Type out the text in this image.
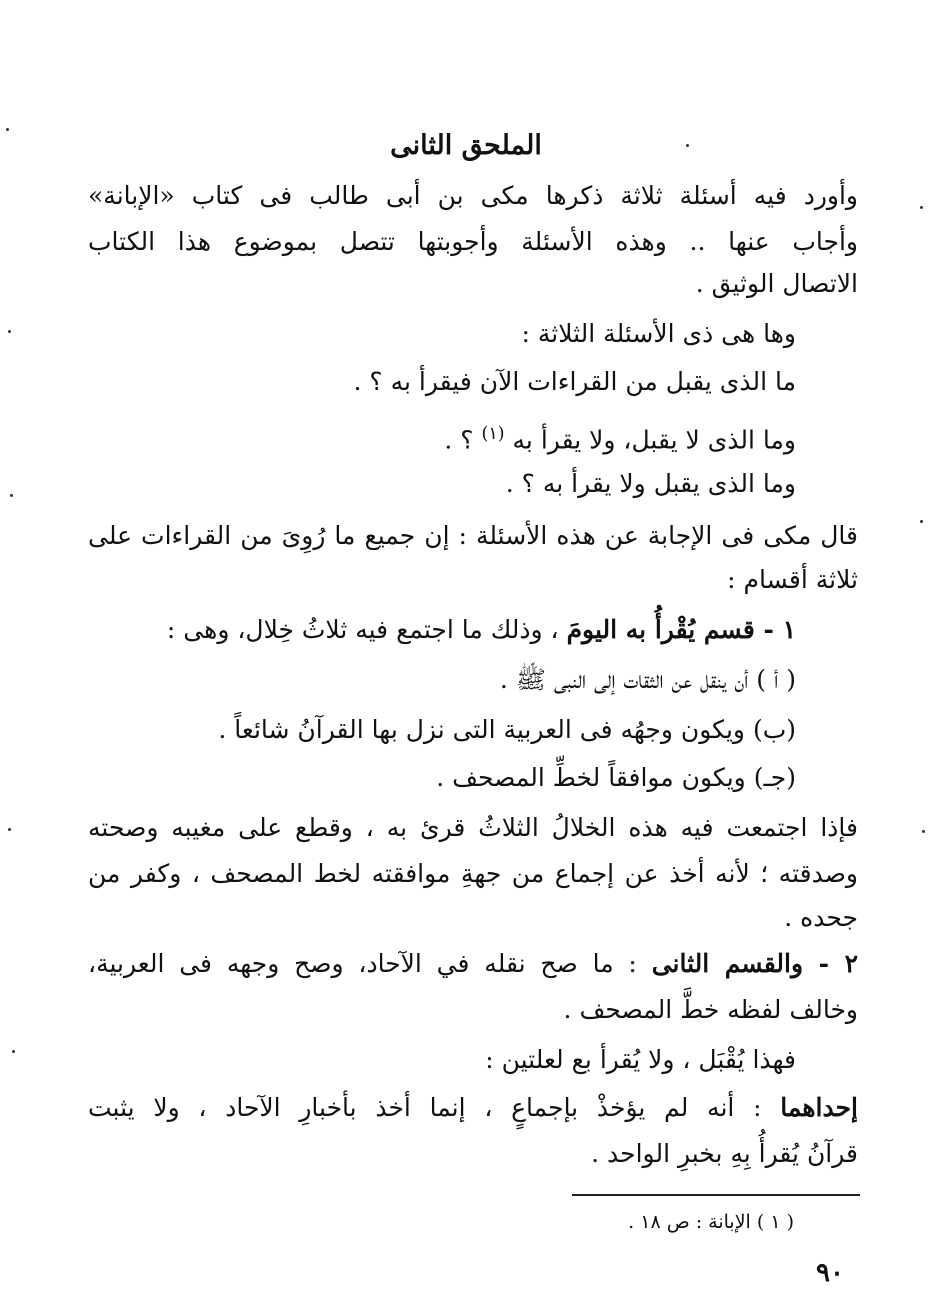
الملحق الثانى
وأورد فيه أسئلة ثلاثة ذكرها مكى بن أبى طالب فى كتاب «الإبانة»
وأجاب عنها .. وهذه الأسئلة وأجوبتها تتصل بموضوع هذا الكتاب
الاتصال الوثيق .
وها هى ذى الأسئلة الثلاثة :
ما الذى يقبل من القراءات الآن فيقرأ به ؟ .
وما الذى لا يقبل، ولا يقرأ به $^{(١)}$ ؟ .
وما الذى يقبل ولا يقرأ به ؟ .
قال مكى فى الإجابة عن هذه الأسئلة : إن جميع ما رُوِىَ من القراءات على
ثلاثة أقسام :
١ - قسم يُقْرأُ به اليومَ ، وذلك ما اجتمع فيه ثلاثُ خِلال، وهى :
( أ ) أن ينقل عن الثقات إلى النبى ﷺ .
(ب) ويكون وجهُه فى العربية التى نزل بها القرآنُ شائعاً .
(جـ) ويكون موافقاً لخطِّ المصحف .
فإذا اجتمعت فيه هذه الخلالُ الثلاثُ قرئ به ، وقطع على مغيبه وصحته
وصدقته ؛ لأنه أخذ عن إجماع من جهةِ موافقته لخط المصحف ، وكفر من
جحده .
٢ - والقسم الثانى : ما صح نقله في الآحاد، وصح وجهه فى العربية،
وخالف لفظه خطَّ المصحف .
فهذا يُقْبَل ، ولا يُقرأ بع لعلتين :
إحداهما : أنه لم يؤخذْ بإجماعٍ ، إنما أخذ بأخبارِ الآحاد ، ولا يثبت
قرآنُ يُقرأُ بِهِ بخبرِ الواحد .
( ١ ) الإبانة : ص ١٨ .
٩٠
